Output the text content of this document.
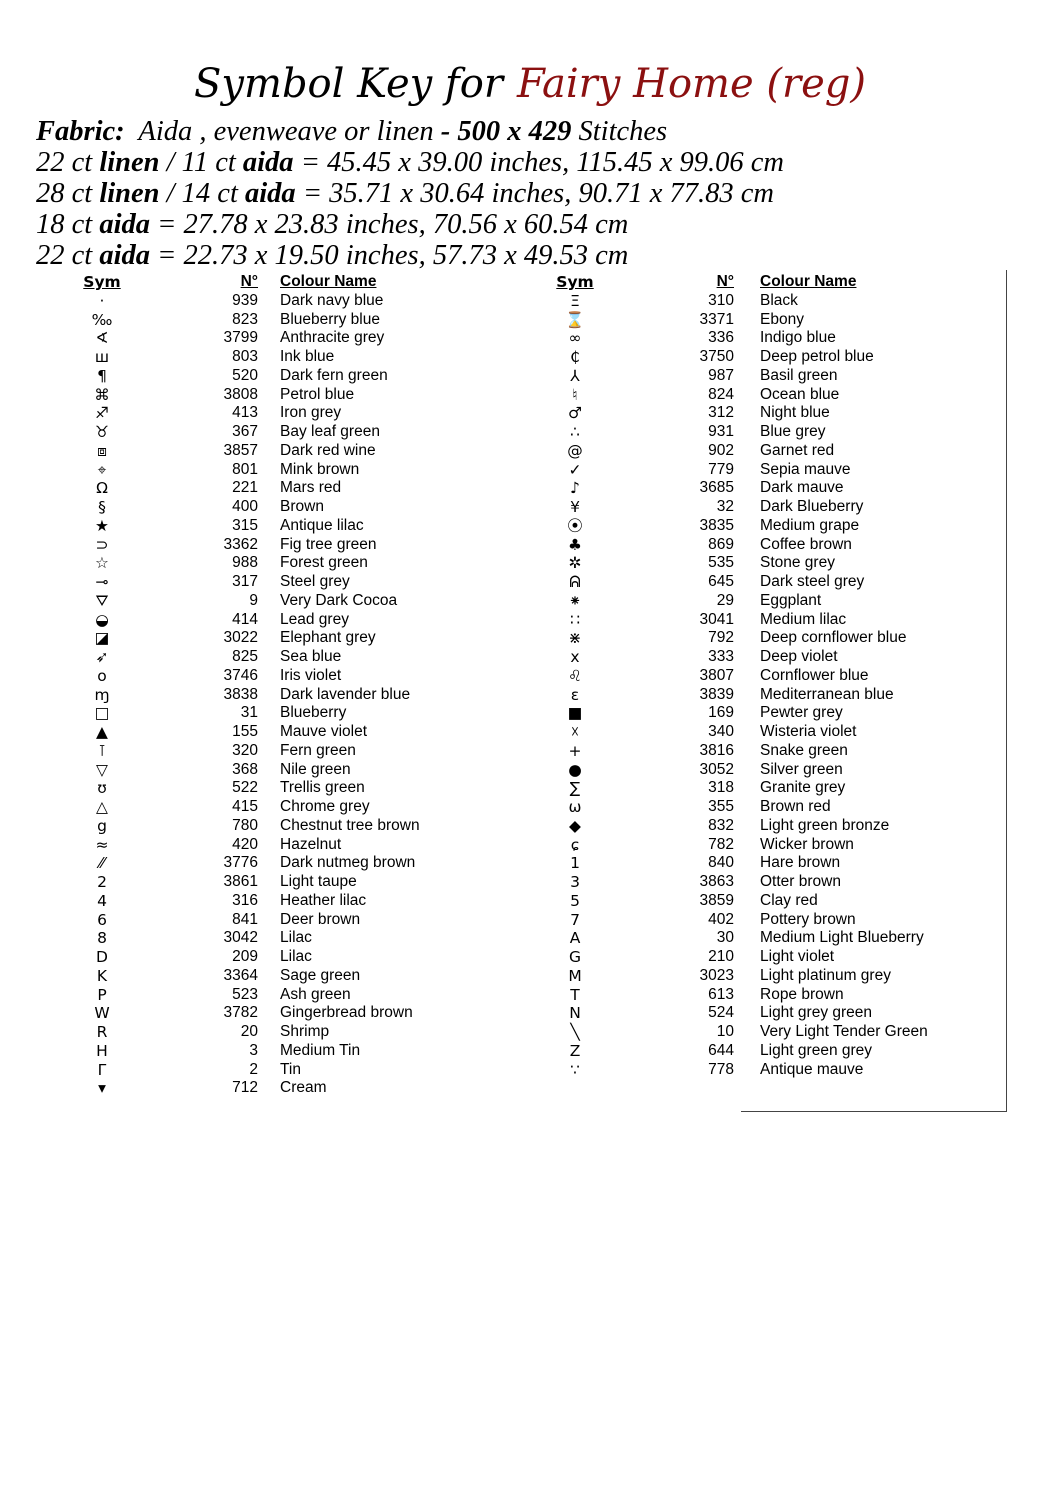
Symbol Key for Fairy Home (reg)
Fabric: Aida , evenweave or linen - 500 x 429 Stitches
22 ct linen / 11 ct aida = 45.45 x 39.00 inches, 115.45 x 99.06 cm
28 ct linen / 14 ct aida = 35.71 x 30.64 inches, 90.71 x 77.83 cm
18 ct aida = 27.78 x 23.83 inches, 70.56 x 60.54 cm
22 ct aida = 22.73 x 19.50 inches, 57.73 x 49.53 cm
Sym	N°	Colour Name
·	939	Dark navy blue
‰	823	Blueberry blue
∢	3799	Anthracite grey
ш	803	Ink blue
¶	520	Dark fern green
⌘	3808	Petrol blue
♐	413	Iron grey
♉	367	Bay leaf green
⧈	3857	Dark red wine
⌖	801	Mink brown
Ω	221	Mars red
§	400	Brown
★	315	Antique lilac
⊃	3362	Fig tree green
☆	988	Forest green
⊸	317	Steel grey
⛛	9	Very Dark Cocoa
◒	414	Lead grey
◪	3022	Elephant grey
➶	825	Sea blue
o	3746	Iris violet
ɱ	3838	Dark lavender blue
□	31	Blueberry
▲	155	Mauve violet
⊺	320	Fern green
▽	368	Nile green
ʊ	522	Trellis green
△	415	Chrome grey
g	780	Chestnut tree brown
≈	420	Hazelnut
⁄⁄	3776	Dark nutmeg brown
2	3861	Light taupe
4	316	Heather lilac
6	841	Deer brown
8	3042	Lilac
D	209	Lilac
K	3364	Sage green
P	523	Ash green
W	3782	Gingerbread brown
R	20	Shrimp
H	3	Medium Tin
Γ	2	Tin
▾	712	Cream
Sym	N°	Colour Name
Ξ	310	Black
⌛	3371	Ebony
∞	336	Indigo blue
₵	3750	Deep petrol blue
⅄	987	Basil green
♮	824	Ocean blue
♂	312	Night blue
∴	931	Blue grey
@	902	Garnet red
✓	779	Sepia mauve
♪	3685	Dark mauve
¥	32	Dark Blueberry
⦿	3835	Medium grape
♣	869	Coffee brown
✲	535	Stone grey
ᕱ	645	Dark steel grey
⁕	29	Eggplant
∷	3041	Medium lilac
⋇	792	Deep cornflower blue
x	333	Deep violet
♌	3807	Cornflower blue
ε	3839	Mediterranean blue
■	169	Pewter grey
☓	340	Wisteria violet
+	3816	Snake green
●	3052	Silver green
∑	318	Granite grey
ω	355	Brown red
◆	832	Light green bronze
ɕ	782	Wicker brown
1	840	Hare brown
3	3863	Otter brown
5	3859	Clay red
7	402	Pottery brown
A	30	Medium Light Blueberry
G	210	Light violet
M	3023	Light platinum grey
T	613	Rope brown
N	524	Light grey green
╲	10	Very Light Tender Green
Z	644	Light green grey
∵	778	Antique mauve
